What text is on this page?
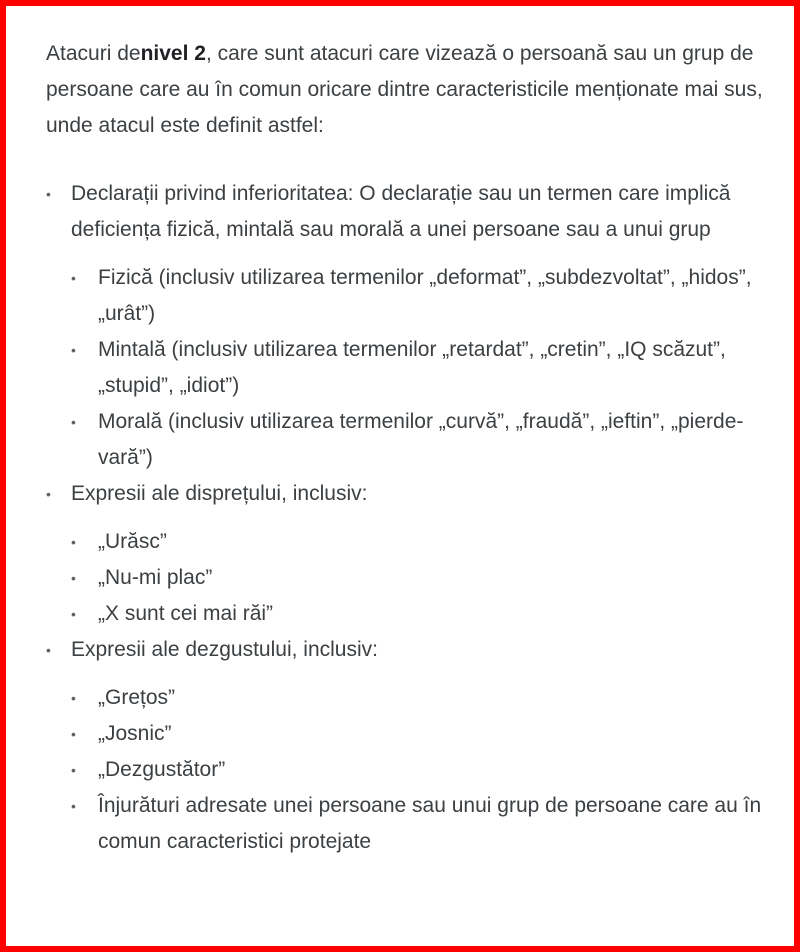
Atacuri denivel 2, care sunt atacuri care vizează o persoană sau un grup de persoane care au în comun oricare dintre caracteristicile menționate mai sus, unde atacul este definit astfel:

• Declarații privind inferioritatea: O declarație sau un termen care implică deficiența fizică, mintală sau morală a unei persoane sau a unui grup
• Fizică (inclusiv utilizarea termenilor „deformat”, „subdezvoltat”, „hidos”, „urât”)
• Mintală (inclusiv utilizarea termenilor „retardat”, „cretin”, „IQ scăzut”, „stupid”, „idiot”)
• Morală (inclusiv utilizarea termenilor „curvă”, „fraudă”, „ieftin”, „pierde-vară”)
• Expresii ale disprețului, inclusiv:
• „Urăsc”
• „Nu-mi plac”
• „X sunt cei mai răi”
• Expresii ale dezgustului, inclusiv:
• „Grețos”
• „Josnic”
• „Dezgustător”
• Înjurături adresate unei persoane sau unui grup de persoane care au în comun caracteristici protejate
